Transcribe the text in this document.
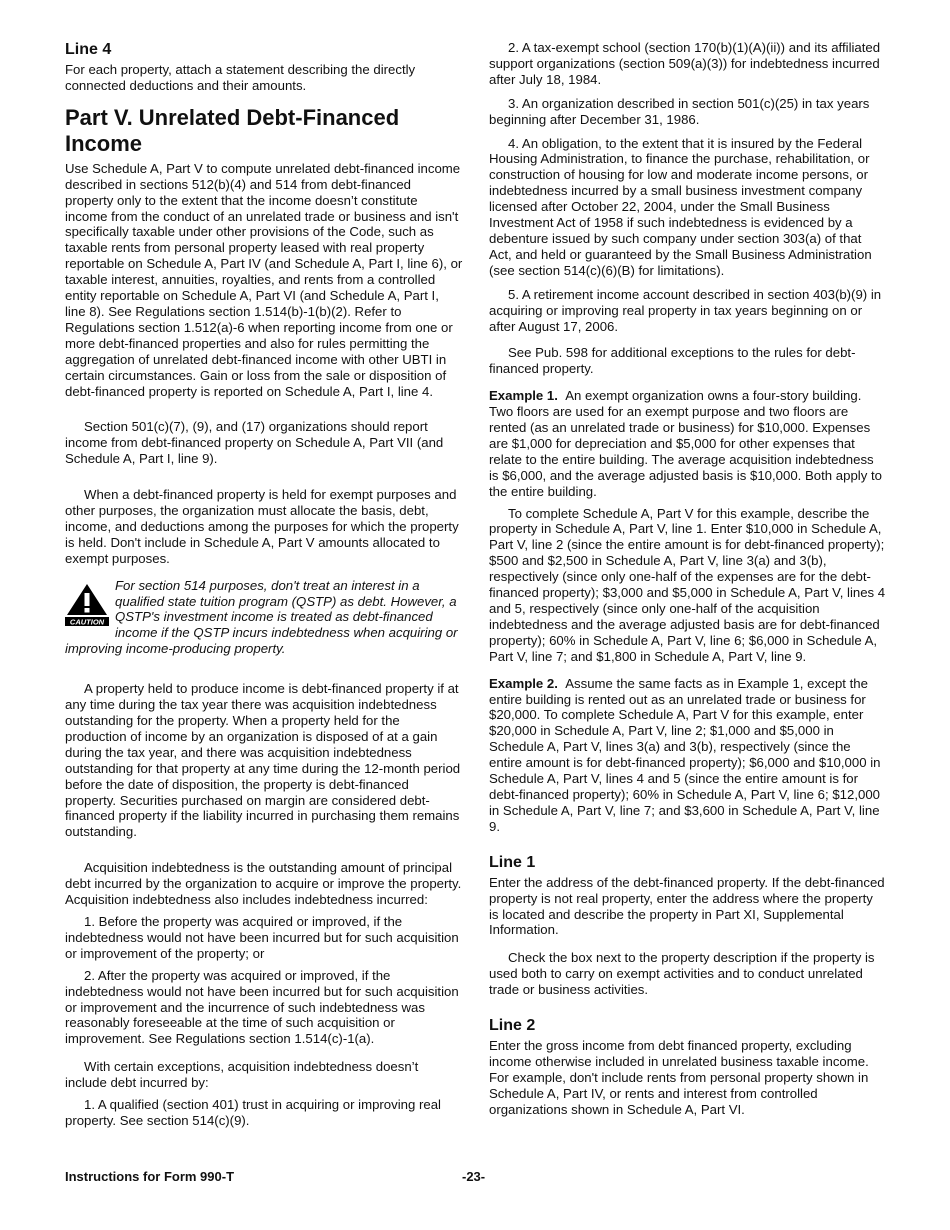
Line 4

For each property, attach a statement describing the directly connected deductions and their amounts.

Part V. Unrelated Debt-Financed Income

Use Schedule A, Part V to compute unrelated debt-financed income described in sections 512(b)(4) and 514 from debt-financed property only to the extent that the income doesn’t constitute income from the conduct of an unrelated trade or business and isn't specifically taxable under other provisions of the Code, such as taxable rents from personal property leased with real property reportable on Schedule A, Part IV (and Schedule A, Part I, line 6), or taxable interest, annuities, royalties, and rents from a controlled entity reportable on Schedule A, Part VI (and Schedule A, Part I, line 8). See Regulations section 1.514(b)-1(b)(2). Refer to Regulations section 1.512(a)-6 when reporting income from one or more debt-financed properties and also for rules permitting the aggregation of unrelated debt-financed income with other UBTI in certain circumstances. Gain or loss from the sale or disposition of debt-financed property is reported on Schedule A, Part I, line 4.

Section 501(c)(7), (9), and (17) organizations should report income from debt-financed property on Schedule A, Part VII (and Schedule A, Part I, line 9).

When a debt-financed property is held for exempt purposes and other purposes, the organization must allocate the basis, debt, income, and deductions among the purposes for which the property is held. Don't include in Schedule A, Part V amounts allocated to exempt purposes.

CAUTION
For section 514 purposes, don't treat an interest in a qualified state tuition program (QSTP) as debt. However, a QSTP's investment income is treated as debt-financed income if the QSTP incurs indebtedness when acquiring or improving income-producing property.

A property held to produce income is debt-financed property if at any time during the tax year there was acquisition indebtedness outstanding for the property. When a property held for the production of income by an organization is disposed of at a gain during the tax year, and there was acquisition indebtedness outstanding for that property at any time during the 12-month period before the date of disposition, the property is debt-financed property. Securities purchased on margin are considered debt-financed property if the liability incurred in purchasing them remains outstanding.

Acquisition indebtedness is the outstanding amount of principal debt incurred by the organization to acquire or improve the property. Acquisition indebtedness also includes indebtedness incurred:

1. Before the property was acquired or improved, if the indebtedness would not have been incurred but for such acquisition or improvement of the property; or

2. After the property was acquired or improved, if the indebtedness would not have been incurred but for such acquisition or improvement and the incurrence of such indebtedness was reasonably foreseeable at the time of such acquisition or improvement. See Regulations section 1.514(c)-1(a).

With certain exceptions, acquisition indebtedness doesn’t include debt incurred by:

1. A qualified (section 401) trust in acquiring or improving real property. See section 514(c)(9).

2. A tax-exempt school (section 170(b)(1)(A)(ii)) and its affiliated support organizations (section 509(a)(3)) for indebtedness incurred after July 18, 1984.

3. An organization described in section 501(c)(25) in tax years beginning after December 31, 1986.

4. An obligation, to the extent that it is insured by the Federal Housing Administration, to finance the purchase, rehabilitation, or construction of housing for low and moderate income persons, or indebtedness incurred by a small business investment company licensed after October 22, 2004, under the Small Business Investment Act of 1958 if such indebtedness is evidenced by a debenture issued by such company under section 303(a) of that Act, and held or guaranteed by the Small Business Administration (see section 514(c)(6)(B) for limitations).

5. A retirement income account described in section 403(b)(9) in acquiring or improving real property in tax years beginning on or after August 17, 2006.

See Pub. 598 for additional exceptions to the rules for debt-financed property.

Example 1. An exempt organization owns a four-story building. Two floors are used for an exempt purpose and two floors are rented (as an unrelated trade or business) for $10,000. Expenses are $1,000 for depreciation and $5,000 for other expenses that relate to the entire building. The average acquisition indebtedness is $6,000, and the average adjusted basis is $10,000. Both apply to the entire building.

To complete Schedule A, Part V for this example, describe the property in Schedule A, Part V, line 1. Enter $10,000 in Schedule A, Part V, line 2 (since the entire amount is for debt-financed property); $500 and $2,500 in Schedule A, Part V, line 3(a) and 3(b), respectively (since only one-half of the expenses are for the debt-financed property); $3,000 and $5,000 in Schedule A, Part V, lines 4 and 5, respectively (since only one-half of the acquisition indebtedness and the average adjusted basis are for debt-financed property); 60% in Schedule A, Part V, line 6; $6,000 in Schedule A, Part V, line 7; and $1,800 in Schedule A, Part V, line 9.

Example 2. Assume the same facts as in Example 1, except the entire building is rented out as an unrelated trade or business for $20,000. To complete Schedule A, Part V for this example, enter $20,000 in Schedule A, Part V, line 2; $1,000 and $5,000 in Schedule A, Part V, lines 3(a) and 3(b), respectively (since the entire amount is for debt-financed property); $6,000 and $10,000 in Schedule A, Part V, lines 4 and 5 (since the entire amount is for debt-financed property); 60% in Schedule A, Part V, line 6; $12,000 in Schedule A, Part V, line 7; and $3,600 in Schedule A, Part V, line 9.

Line 1

Enter the address of the debt-financed property. If the debt-financed property is not real property, enter the address where the property is located and describe the property in Part XI, Supplemental Information.

Check the box next to the property description if the property is used both to carry on exempt activities and to conduct unrelated trade or business activities.

Line 2

Enter the gross income from debt financed property, excluding income otherwise included in unrelated business taxable income. For example, don't include rents from personal property shown in Schedule A, Part IV, or rents and interest from controlled organizations shown in Schedule A, Part VI.

Instructions for Form 990-T	-23-
